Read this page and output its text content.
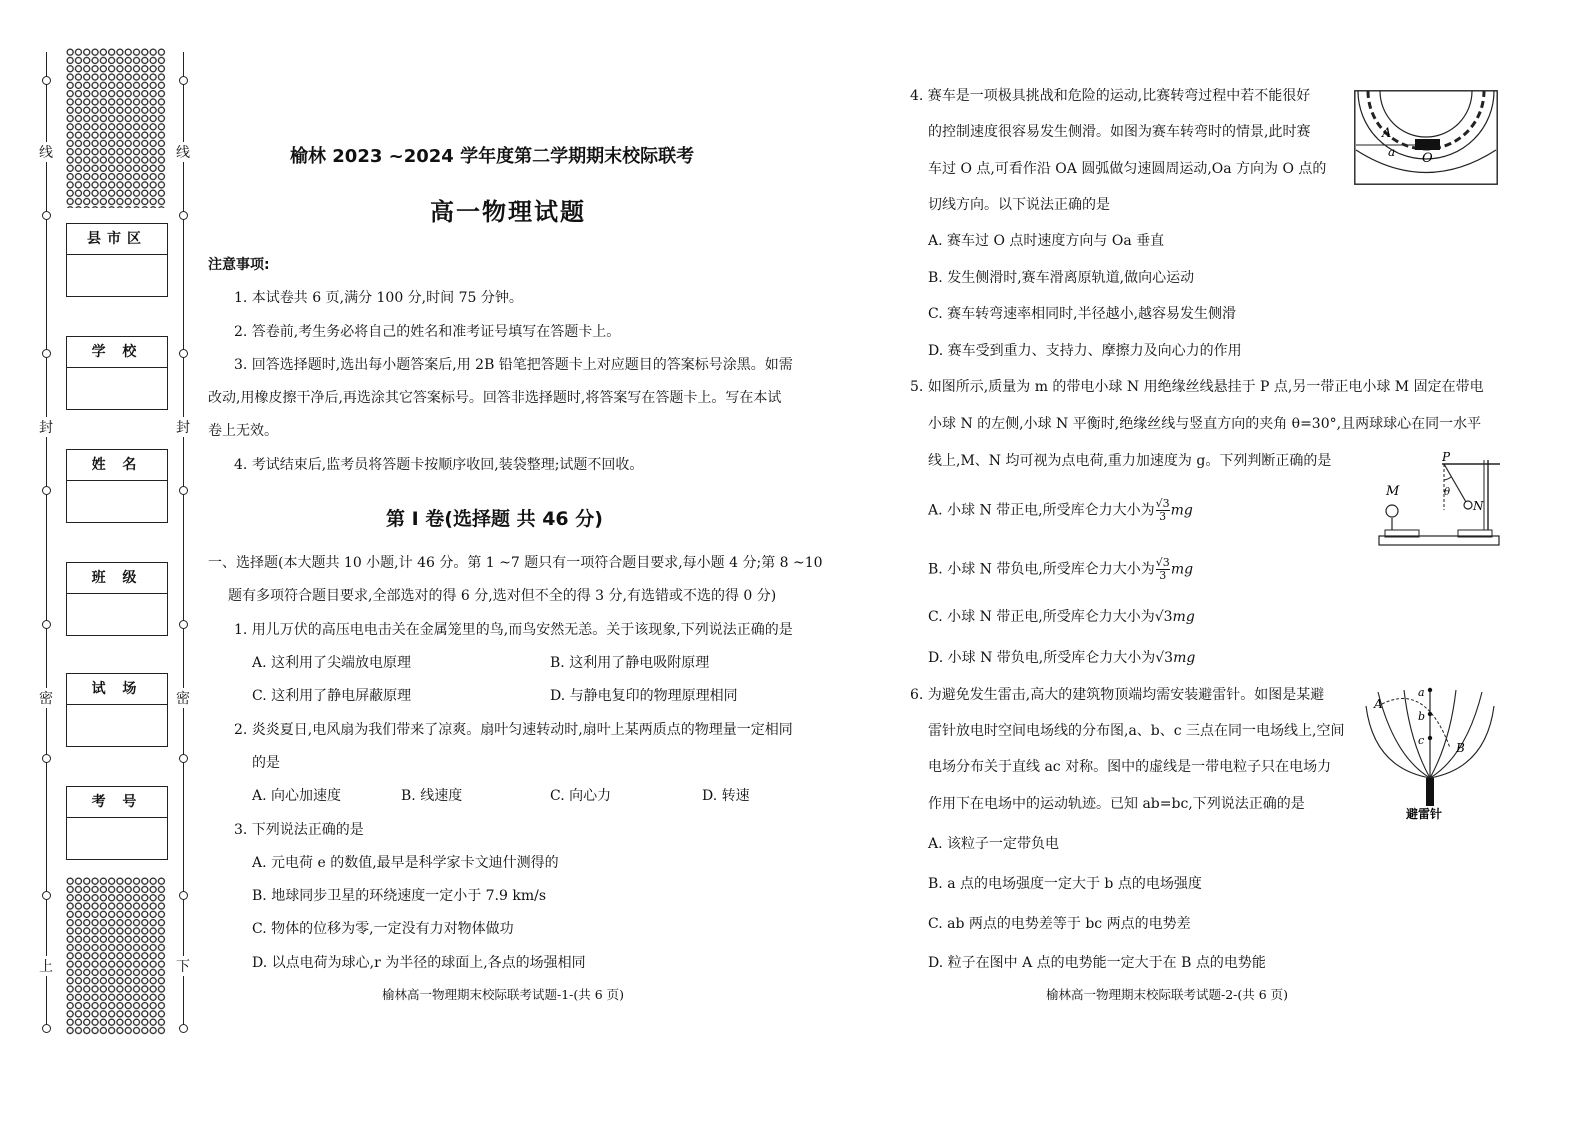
线
封
密
上
线
封
密
下
县市区
学 校
姓 名
班 级
试 场
考 号
榆林 2023 ~2024 学年度第二学期期末校际联考
高一物理试题
注意事项:
1. 本试卷共 6 页,满分 100 分,时间 75 分钟。
2. 答卷前,考生务必将自己的姓名和准考证号填写在答题卡上。
3. 回答选择题时,选出每小题答案后,用 2B 铅笔把答题卡上对应题目的答案标号涂黑。如需
改动,用橡皮擦干净后,再选涂其它答案标号。回答非选择题时,将答案写在答题卡上。写在本试
卷上无效。
4. 考试结束后,监考员将答题卡按顺序收回,装袋整理;试题不回收。
第 I 卷(选择题 共 46 分)
一、选择题(本大题共 10 小题,计 46 分。第 1 ~7 题只有一项符合题目要求,每小题 4 分;第 8 ~10
题有多项符合题目要求,全部选对的得 6 分,选对但不全的得 3 分,有选错或不选的得 0 分)
1. 用儿万伏的高压电电击关在金属笼里的鸟,而鸟安然无恙。关于该现象,下列说法正确的是
A. 这利用了尖端放电原理	B. 这利用了静电吸附原理
C. 这利用了静电屏蔽原理	D. 与静电复印的物理原理相同
2. 炎炎夏日,电风扇为我们带来了凉爽。扇叶匀速转动时,扇叶上某两质点的物理量一定相同
的是
A. 向心加速度	B. 线速度	C. 向心力	D. 转速
3. 下列说法正确的是
A. 元电荷 e 的数值,最早是科学家卡文迪什测得的
B. 地球同步卫星的环绕速度一定小于 7.9 km/s
C. 物体的位移为零,一定没有力对物体做功
D. 以点电荷为球心,r 为半径的球面上,各点的场强相同
榆林高一物理期末校际联考试题-1-(共 6 页)
4. 赛车是一项极具挑战和危险的运动,比赛转弯过程中若不能很好
的控制速度很容易发生侧滑。如图为赛车转弯时的情景,此时赛
车过 O 点,可看作沿 OA 圆弧做匀速圆周运动,Oa 方向为 O 点的
切线方向。以下说法正确的是
A. 赛车过 O 点时速度方向与 Oa 垂直
B. 发生侧滑时,赛车滑离原轨道,做向心运动
C. 赛车转弯速率相同时,半径越小,越容易发生侧滑
D. 赛车受到重力、支持力、摩擦力及向心力的作用
A
a O
5. 如图所示,质量为 m 的带电小球 N 用绝缘丝线悬挂于 P 点,另一带正电小球 M 固定在带电
小球 N 的左侧,小球 N 平衡时,绝缘丝线与竖直方向的夹角 θ=30°,且两球球心在同一水平
线上,M、N 均可视为点电荷,重力加速度为 g。下列判断正确的是
A. 小球 N 带正电,所受库仑力大小为 $\frac{√3}{3}$ mg
B. 小球 N 带负电,所受库仑力大小为 $\frac{√3}{3}$ mg
C. 小球 N 带正电,所受库仑力大小为√3mg
D. 小球 N 带负电,所受库仑力大小为√3mg
M
P
θ
N
6. 为避免发生雷击,高大的建筑物顶端均需安装避雷针。如图是某避
雷针放电时空间电场线的分布图,a、b、c 三点在同一电场线上,空间
电场分布关于直线 ac 对称。图中的虚线是一带电粒子只在电场力
作用下在电场中的运动轨迹。已知 ab=bc,下列说法正确的是
A. 该粒子一定带负电
B. a 点的电场强度一定大于 b 点的电场强度
C. ab 两点的电势差等于 bc 两点的电势差
D. 粒子在图中 A 点的电势能一定大于在 B 点的电势能
a
b
c
A
B
避雷针
榆林高一物理期末校际联考试题-2-(共 6 页)
